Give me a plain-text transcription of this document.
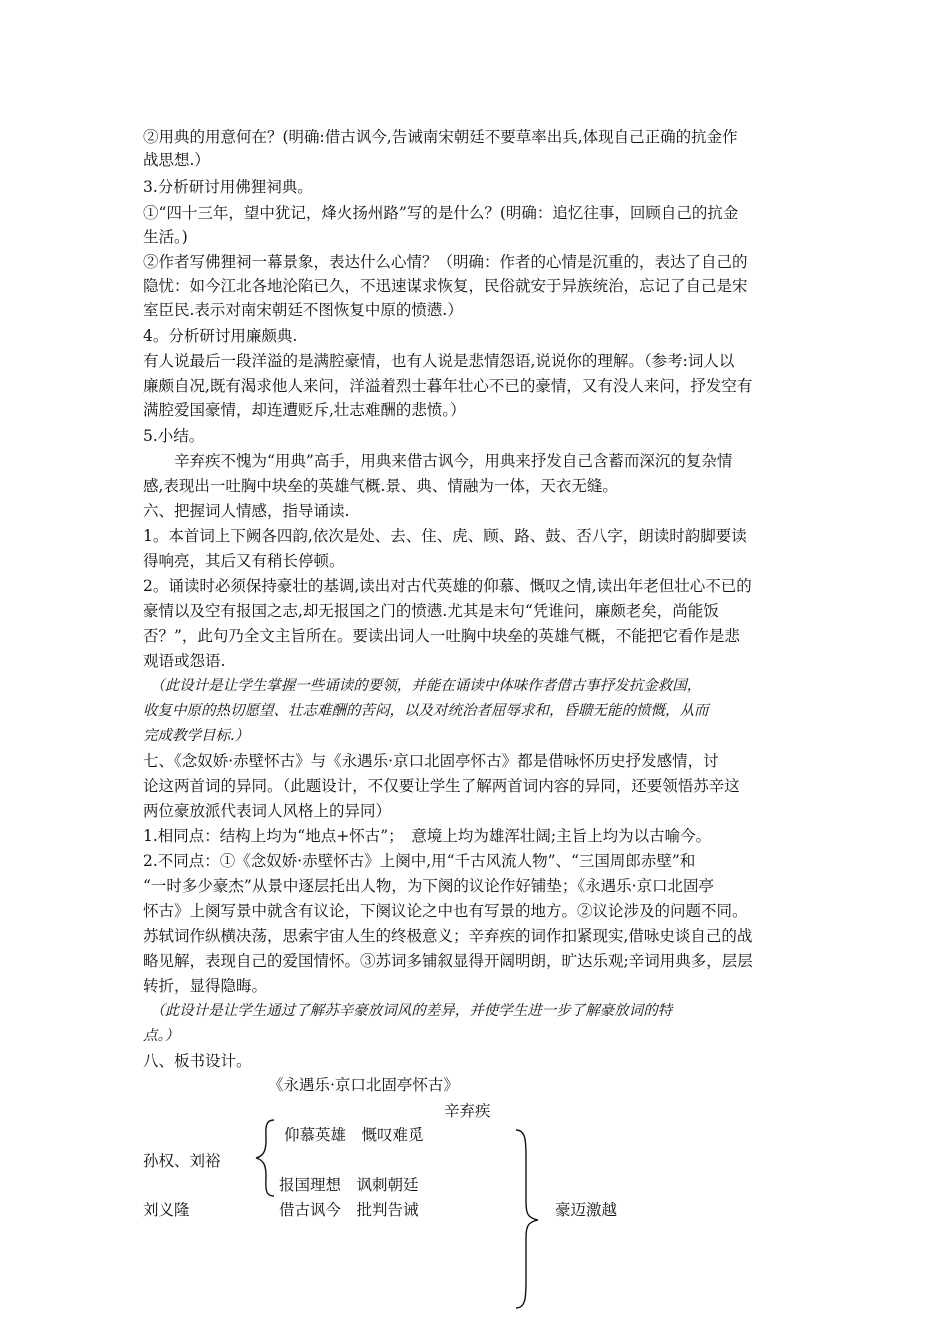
②用典的用意何在？(明确:借古讽今,告诫南宋朝廷不要草率出兵,体现自己正确的抗金作
战思想.）
3.分析研讨用佛狸祠典。
①“四十三年，望中犹记，烽火扬州路”写的是什么？(明确：追忆往事，回顾自己的抗金
生活。)
②作者写佛狸祠一幕景象，表达什么心情？（明确：作者的心情是沉重的，表达了自己的
隐忧：如今江北各地沦陷已久，不迅速谋求恢复，民俗就安于异族统治，忘记了自己是宋
室臣民.表示对南宋朝廷不图恢复中原的愤懑.）
4。分析研讨用廉颇典.
有人说最后一段洋溢的是满腔豪情，也有人说是悲情怨语,说说你的理解。（参考:词人以
廉颇自况,既有渴求他人来问，洋溢着烈士暮年壮心不已的豪情，又有没人来问，抒发空有
满腔爱国豪情，却连遭贬斥,壮志难酬的悲愤。）
5.小结。
　　辛弃疾不愧为“用典”高手，用典来借古讽今，用典来抒发自己含蓄而深沉的复杂情
感,表现出一吐胸中块垒的英雄气概.景、典、情融为一体，天衣无缝。
六、把握词人情感，指导诵读.
1。本首词上下阙各四韵,依次是处、去、住、虎、顾、路、鼓、否八字，朗读时韵脚要读
得响亮，其后又有稍长停顿。
2。诵读时必须保持豪壮的基调,读出对古代英雄的仰慕、慨叹之情,读出年老但壮心不已的
豪情以及空有报国之志,却无报国之门的愤懑.尤其是末句“凭谁问，廉颇老矣，尚能饭
否？”，此句乃全文主旨所在。要读出词人一吐胸中块垒的英雄气概，不能把它看作是悲
观语或怨语.
　（此设计是让学生掌握一些诵读的要领，并能在诵读中体味作者借古事抒发抗金救国，
收复中原的热切愿望、壮志难酬的苦闷，以及对统治者屈辱求和，昏聩无能的愤慨，从而
完成教学目标.）
七、《念奴娇·赤壁怀古》与《永遇乐·京口北固亭怀古》都是借咏怀历史抒发感情，讨
论这两首词的异同。（此题设计，不仅要让学生了解两首词内容的异同，还要领悟苏辛这
两位豪放派代表词人风格上的异同）
1.相同点：结构上均为“地点+怀古”；　意境上均为雄浑壮阔;主旨上均为以古喻今。
2.不同点：①《念奴娇·赤壁怀古》上阕中,用“千古风流人物”、“三国周郎赤壁”和
“一时多少豪杰”从景中逐层托出人物，为下阕的议论作好铺垫；《永遇乐·京口北固亭
怀古》上阕写景中就含有议论，下阕议论之中也有写景的地方。②议论涉及的问题不同。
苏轼词作纵横决荡，思索宇宙人生的终极意义；辛弃疾的词作扣紧现实,借咏史谈自己的战
略见解，表现自己的爱国情怀。③苏词多铺叙显得开阔明朗，旷达乐观;辛词用典多，层层
转折，显得隐晦。
　（此设计是让学生通过了解苏辛豪放词风的差异，并使学生进一步了解豪放词的特
点。）
八、板书设计。
《永遇乐·京口北固亭怀古》
辛弃疾
仰慕英雄　慨叹难觅
孙权、刘裕
报国理想　讽刺朝廷
刘义隆	借古讽今　批判告诫	豪迈激越
